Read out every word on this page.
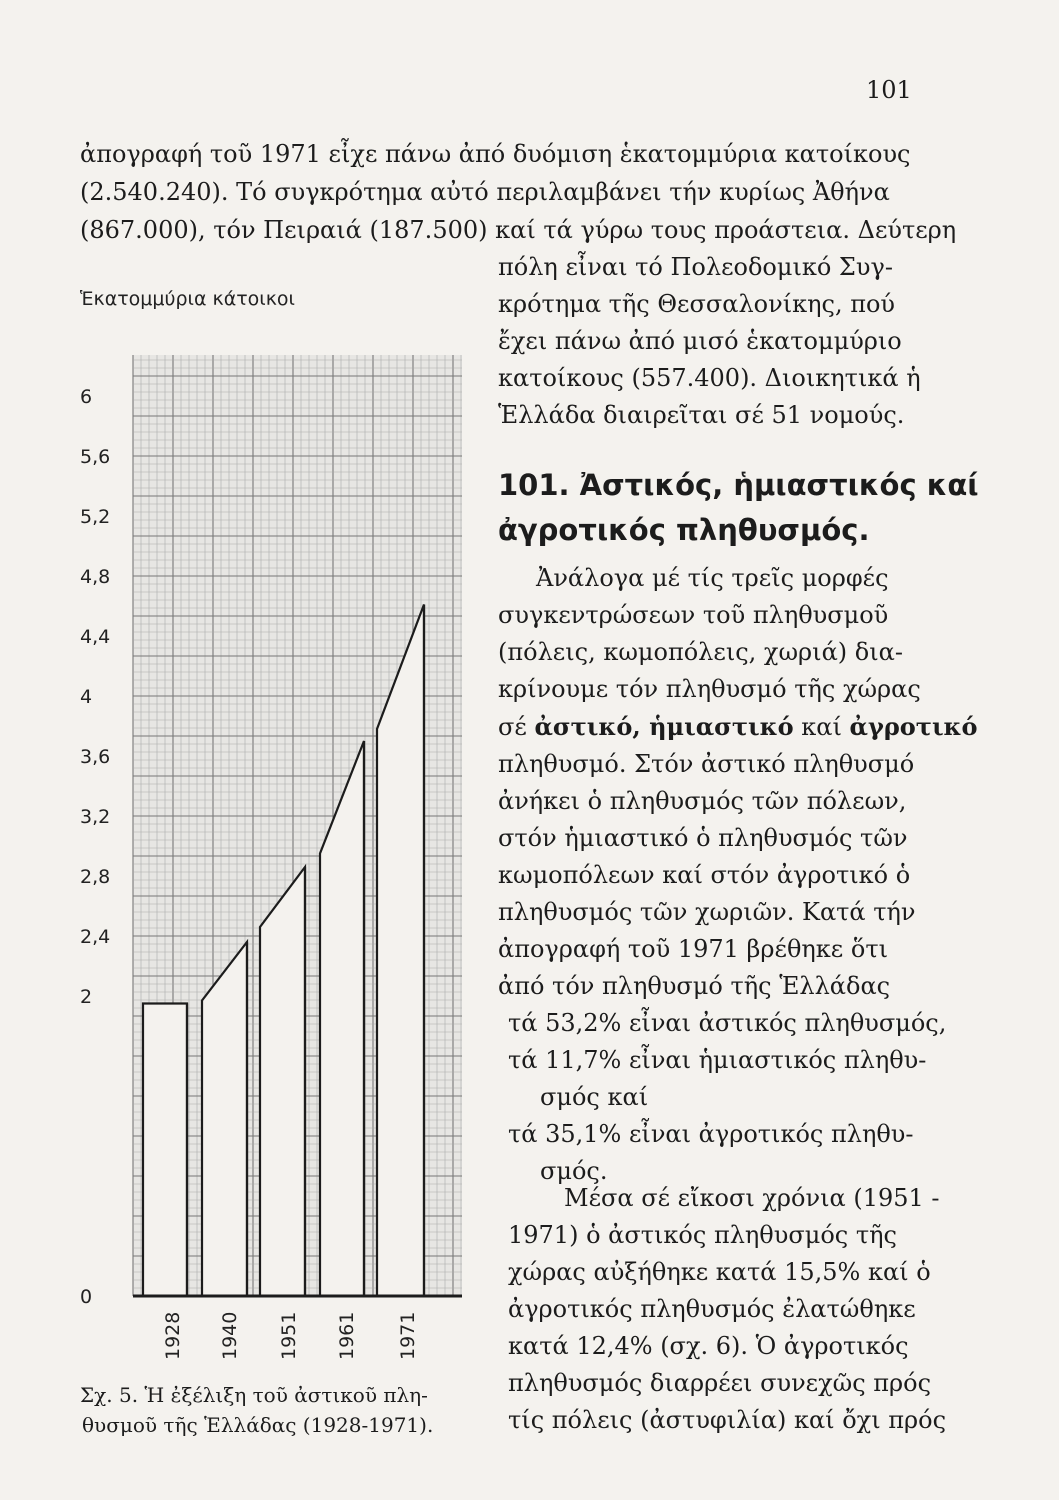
101
ἀπογραφή τοῦ 1971 εἶχε πάνω ἀπό δυόμιση ἑκατομμύρια κατοίκους
(2.540.240). Τό συγκρότημα αὐτό περιλαμβάνει τήν κυρίως Ἀθήνα
(867.000), τόν Πειραιά (187.500) καί τά γύρω τους προάστεια. Δεύτερη
πόλη εἶναι τό Πολεοδομικό Συγ-
κρότημα τῆς Θεσσαλονίκης, πού
ἔχει πάνω ἀπό μισό ἑκατομμύριο
κατοίκους (557.400). Διοικητικά ἡ
Ἑλλάδα διαιρεῖται σέ 51 νομούς.
101. Ἀστικός, ἡμιαστικός καί
ἀγροτικός πληθυσμός.
Ἀνάλογα μέ τίς τρεῖς μορφές
συγκεντρώσεων τοῦ πληθυσμοῦ
(πόλεις, κωμοπόλεις, χωριά) δια-
κρίνουμε τόν πληθυσμό τῆς χώρας
σέ ἀστικό, ἡμιαστικό καί ἀγροτικό
πληθυσμό. Στόν ἀστικό πληθυσμό
ἀνήκει ὁ πληθυσμός τῶν πόλεων,
στόν ἡμιαστικό ὁ πληθυσμός τῶν
κωμοπόλεων καί στόν ἀγροτικό ὁ
πληθυσμός τῶν χωριῶν. Κατά τήν
ἀπογραφή τοῦ 1971 βρέθηκε ὅτι
ἀπό τόν πληθυσμό τῆς Ἑλλάδας
τά 53,2% εἶναι ἀστικός πληθυσμός,
τά 11,7% εἶναι ἡμιαστικός πληθυ-
σμός καί
τά 35,1% εἶναι ἀγροτικός πληθυ-
σμός.
Μέσα σέ εἴκοσι χρόνια (1951 -
1971) ὁ ἀστικός πληθυσμός τῆς
χώρας αὐξήθηκε κατά 15,5% καί ὁ
ἀγροτικός πληθυσμός ἐλατώθηκε
κατά 12,4% (σχ. 6). Ὁ ἀγροτικός
πληθυσμός διαρρέει συνεχῶς πρός
τίς πόλεις (ἀστυφιλία) καί ὄχι πρός
Ἑκατομμύρια κάτοικοι
0
2
2,4
2,8
3,2
3,6
4
4,4
4,8
5,2
5,6
6
1928 1940 1951 1961 1971
Σχ. 5. Ἡ ἐξέλιξη τοῦ ἀστικοῦ πλη-
θυσμοῦ τῆς Ἑλλάδας (1928-1971).
